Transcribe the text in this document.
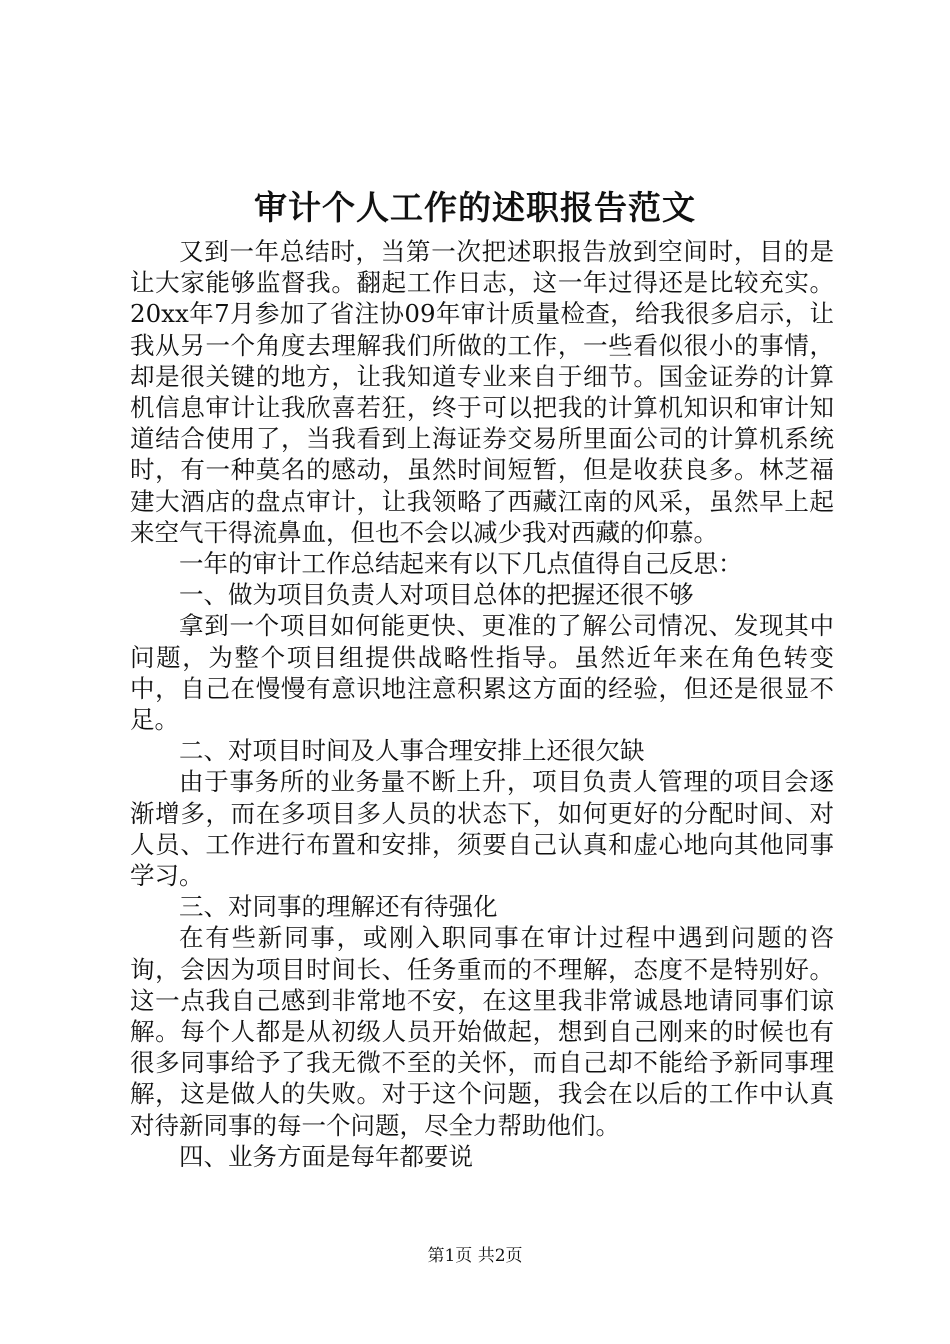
审计个人工作的述职报告范文

又到一年总结时，当第一次把述职报告放到空间时，目的是让大家能够监督我。翻起工作日志，这一年过得还是比较充实。20xx年7月参加了省注协09年审计质量检查，给我很多启示，让我从另一个角度去理解我们所做的工作，一些看似很小的事情，却是很关键的地方，让我知道专业来自于细节。国金证券的计算机信息审计让我欣喜若狂，终于可以把我的计算机知识和审计知道结合使用了，当我看到上海证券交易所里面公司的计算机系统时，有一种莫名的感动，虽然时间短暂，但是收获良多。林芝福建大酒店的盘点审计，让我领略了西藏江南的风采，虽然早上起来空气干得流鼻血，但也不会以减少我对西藏的仰慕。

一年的审计工作总结起来有以下几点值得自己反思：

一、做为项目负责人对项目总体的把握还很不够

拿到一个项目如何能更快、更准的了解公司情况、发现其中问题，为整个项目组提供战略性指导。虽然近年来在角色转变中，自己在慢慢有意识地注意积累这方面的经验，但还是很显不足。

二、对项目时间及人事合理安排上还很欠缺

由于事务所的业务量不断上升，项目负责人管理的项目会逐渐增多，而在多项目多人员的状态下，如何更好的分配时间、对人员、工作进行布置和安排，须要自己认真和虚心地向其他同事学习。

三、对同事的理解还有待强化

在有些新同事，或刚入职同事在审计过程中遇到问题的咨询，会因为项目时间长、任务重而的不理解，态度不是特别好。这一点我自己感到非常地不安，在这里我非常诚恳地请同事们谅解。每个人都是从初级人员开始做起，想到自己刚来的时候也有很多同事给予了我无微不至的关怀，而自己却不能给予新同事理解，这是做人的失败。对于这个问题，我会在以后的工作中认真对待新同事的每一个问题，尽全力帮助他们。

四、业务方面是每年都要说

第1页 共2页
